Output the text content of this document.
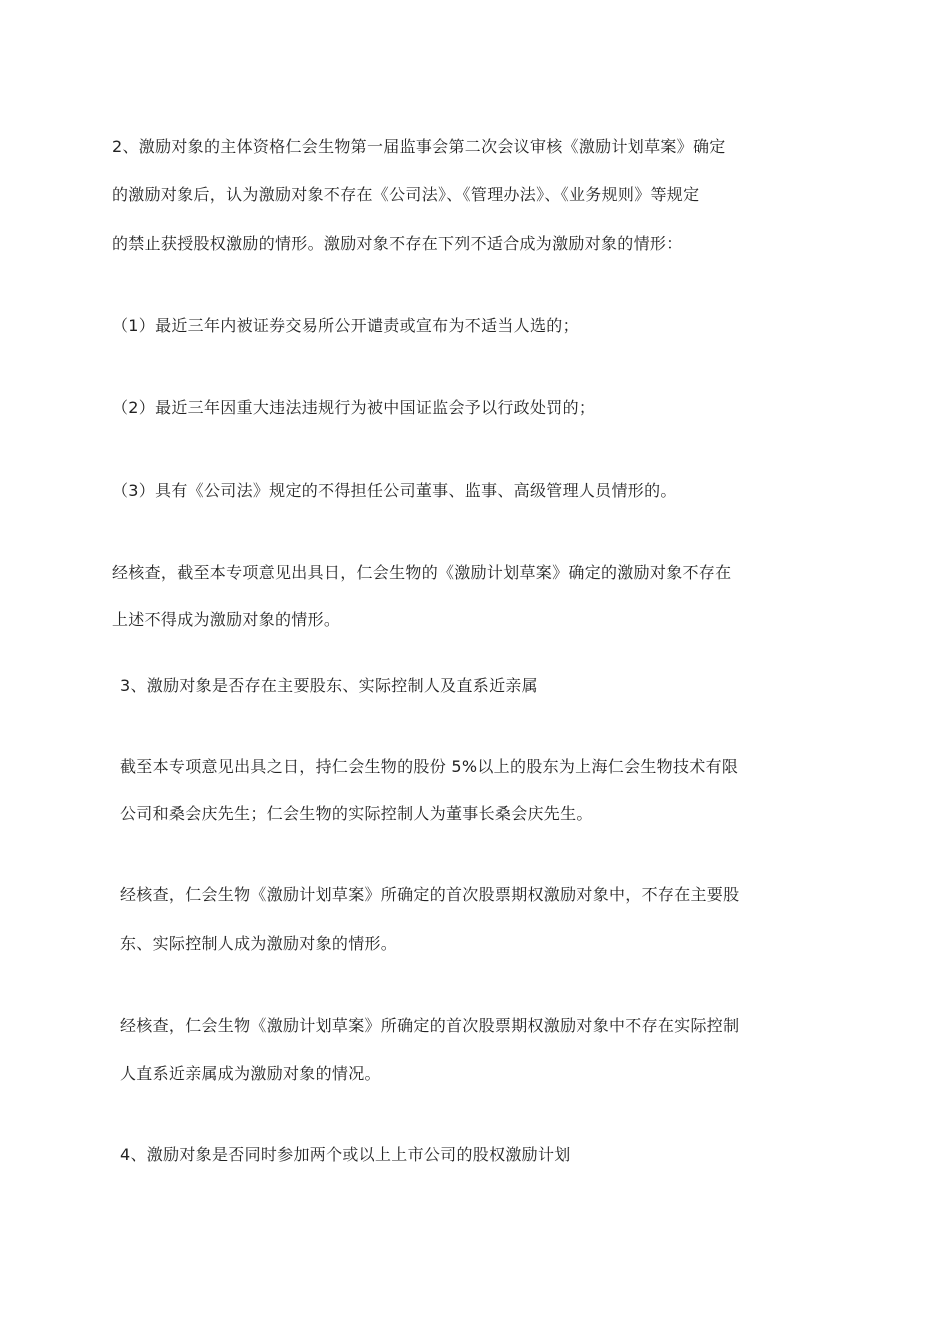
2、激励对象的主体资格仁会生物第一届监事会第二次会议审核《激励计划草案》确定
的激励对象后，认为激励对象不存在《公司法》、《管理办法》、《业务规则》等规定
的禁止获授股权激励的情形。激励对象不存在下列不适合成为激励对象的情形：
（1）最近三年内被证券交易所公开谴责或宣布为不适当人选的；
（2）最近三年因重大违法违规行为被中国证监会予以行政处罚的；
（3）具有《公司法》规定的不得担任公司董事、监事、高级管理人员情形的。
经核查，截至本专项意见出具日，仁会生物的《激励计划草案》确定的激励对象不存在
上述不得成为激励对象的情形。
3、激励对象是否存在主要股东、实际控制人及直系近亲属
截至本专项意见出具之日，持仁会生物的股份 5%以上的股东为上海仁会生物技术有限
公司和桑会庆先生；仁会生物的实际控制人为董事长桑会庆先生。
经核查，仁会生物《激励计划草案》所确定的首次股票期权激励对象中，不存在主要股
东、实际控制人成为激励对象的情形。
经核查，仁会生物《激励计划草案》所确定的首次股票期权激励对象中不存在实际控制
人直系近亲属成为激励对象的情况。
4、激励对象是否同时参加两个或以上上市公司的股权激励计划
